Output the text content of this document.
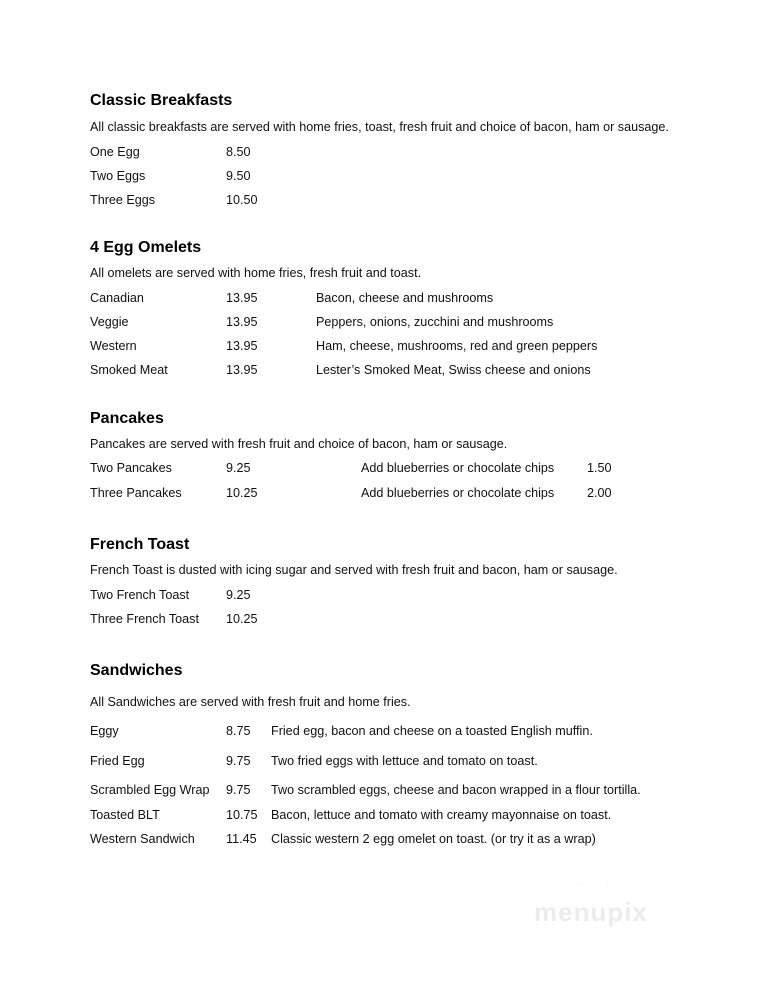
Classic Breakfasts
All classic breakfasts are served with home fries, toast, fresh fruit and choice of bacon, ham or sausage.
One Egg	8.50
Two Eggs	9.50
Three Eggs	10.50
4 Egg Omelets
All omelets are served with home fries, fresh fruit and toast.
Canadian	13.95	Bacon, cheese and mushrooms
Veggie	13.95	Peppers, onions, zucchini and mushrooms
Western	13.95	Ham, cheese, mushrooms, red and green peppers
Smoked Meat	13.95	Lester’s Smoked Meat, Swiss cheese and onions
Pancakes
Pancakes are served with fresh fruit and choice of bacon, ham or sausage.
Two Pancakes	9.25	Add blueberries or chocolate chips	1.50
Three Pancakes	10.25	Add blueberries or chocolate chips	2.00
French Toast
French Toast is dusted with icing sugar and served with fresh fruit and bacon, ham or sausage.
Two French Toast	9.25
Three French Toast 10.25
Sandwiches
All Sandwiches are served with fresh fruit and home fries.
Eggy	8.75 Fried egg, bacon and cheese on a toasted English muffin.
Fried Egg	9.75 Two fried eggs with lettuce and tomato on toast.
Scrambled Egg Wrap 9.75 Two scrambled eggs, cheese and bacon wrapped in a flour tortilla.
Toasted BLT	10.75 Bacon, lettuce and tomato with creamy mayonnaise on toast.
Western Sandwich 11.45 Classic western 2 egg omelet on toast. (or try it as a wrap)
·· ··· ······ ·· ···
menupix
